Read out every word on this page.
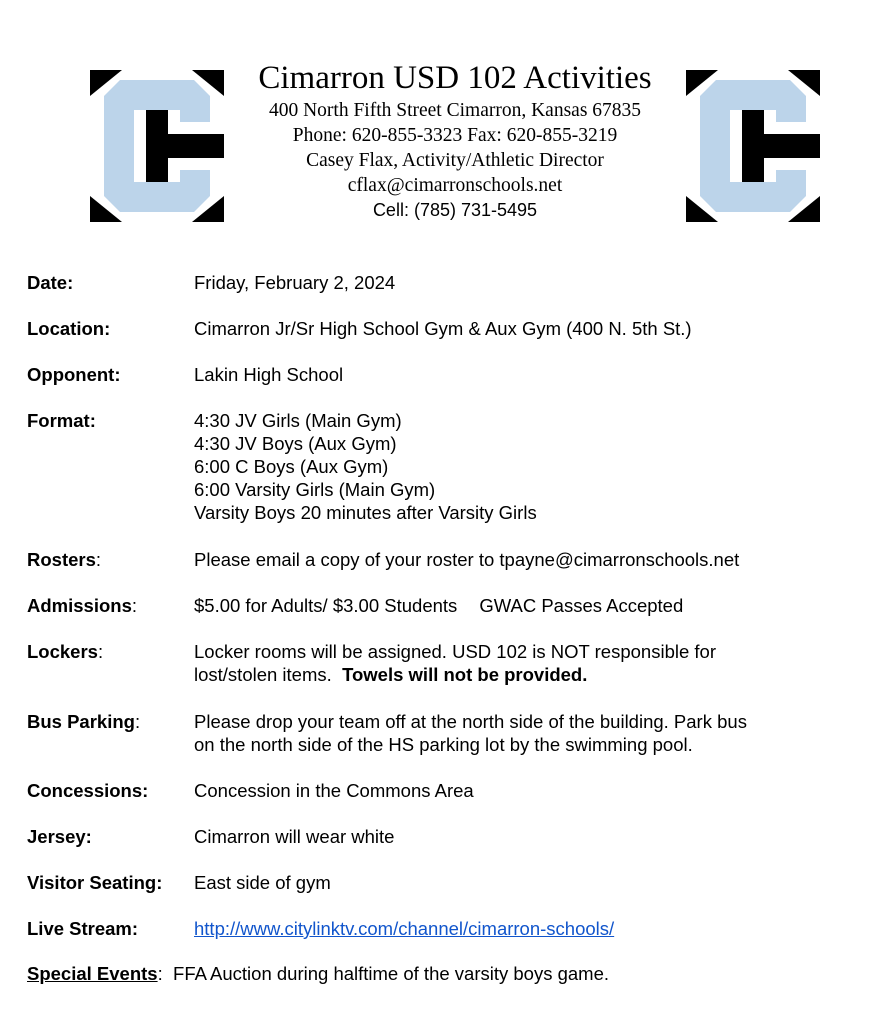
Cimarron USD 102 Activities
400 North Fifth Street Cimarron, Kansas 67835
Phone: 620-855-3323 Fax: 620-855-3219
Casey Flax, Activity/Athletic Director
cflax@cimarronschools.net
Cell: (785) 731-5495
Date:	Friday, February 2, 2024
Location:	Cimarron Jr/Sr High School Gym & Aux Gym (400 N. 5th St.)
Opponent:	Lakin High School
Format:	4:30 JV Girls (Main Gym)
4:30 JV Boys (Aux Gym)
6:00 C Boys (Aux Gym)
6:00 Varsity Girls (Main Gym)
Varsity Boys 20 minutes after Varsity Girls
Rosters:	Please email a copy of your roster to tpayne@cimarronschools.net
Admissions:	$5.00 for Adults/ $3.00 Students GWAC Passes Accepted
Lockers:	Locker rooms will be assigned. USD 102 is NOT responsible for
lost/stolen items. Towels will not be provided.
Bus Parking:	Please drop your team off at the north side of the building. Park bus
on the north side of the HS parking lot by the swimming pool.
Concessions: Concession in the Commons Area
Jersey:	Cimarron will wear white
Visitor Seating: East side of gym
Live Stream:	http://www.citylinktv.com/channel/cimarron-schools/
Special Events:  FFA Auction during halftime of the varsity boys game.
